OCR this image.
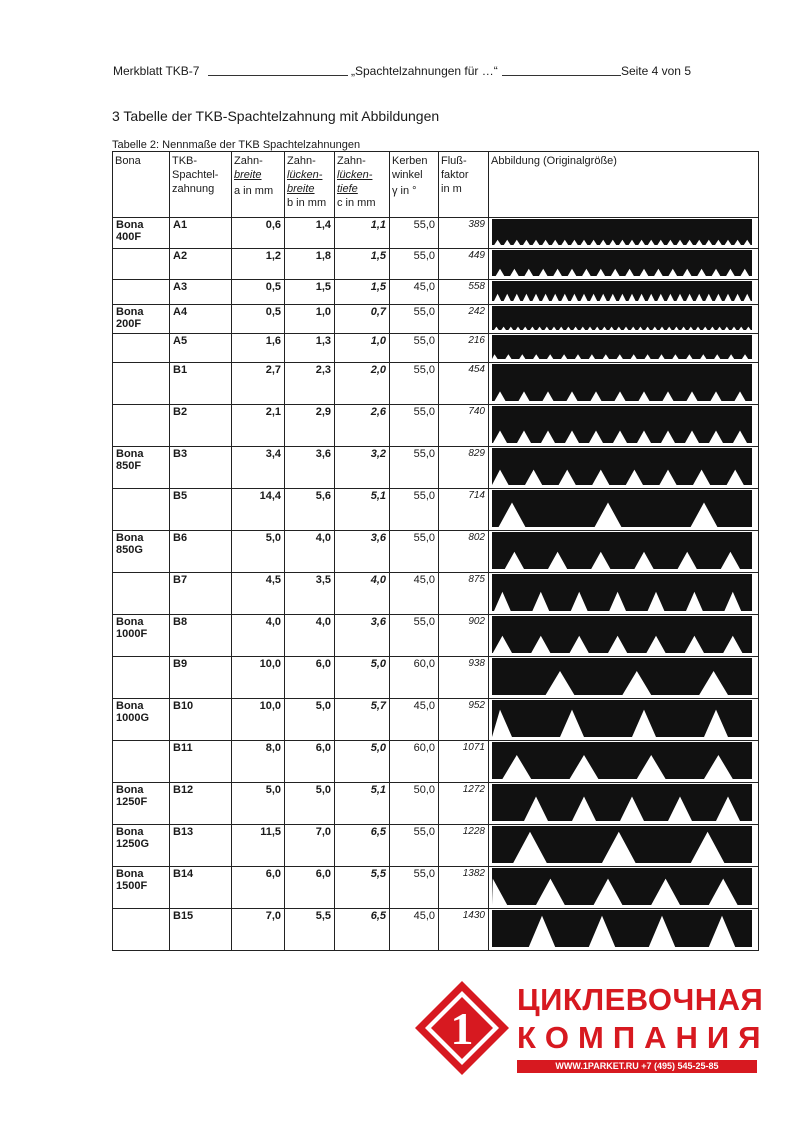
Merkblatt TKB-7	„Spachtelzahnungen für …“	Seite 4 von 5
3 Tabelle der TKB-Spachtelzahnung mit Abbildungen
Tabelle 2: Nennmaße der TKB Spachtelzahnungen
Bona	TKB-
Spachtel-
zahnung	Zahn-
breite

a in mm	Zahn-
lücken-
breite
b in mm	Zahn-
lücken-
tiefe
c in mm	Kerben
winkel

γ in °	Fluß-
faktor
in m	Abbildung (Originalgröße)
Bona
400F	A1	0,6	1,4	1,1	55,0	389	

	A2	1,2	1,8	1,5	55,0	449	

	A3	0,5	1,5	1,5	45,0	558	

Bona
200F	A4	0,5	1,0	0,7	55,0	242	

	A5	1,6	1,3	1,0	55,0	216	

	B1	2,7	2,3	2,0	55,0	454	

	B2	2,1	2,9	2,6	55,0	740	

Bona
850F	B3	3,4	3,6	3,2	55,0	829	

	B5	14,4	5,6	5,1	55,0	714	

Bona
850G	B6	5,0	4,0	3,6	55,0	802	

	B7	4,5	3,5	4,0	45,0	875	

Bona
1000F	B8	4,0	4,0	3,6	55,0	902	

	B9	10,0	6,0	5,0	60,0	938	

Bona
1000G	B10	10,0	5,0	5,7	45,0	952	

	B11	8,0	6,0	5,0	60,0	1071	

Bona
1250F	B12	5,0	5,0	5,1	50,0	1272	

Bona
1250G	B13	11,5	7,0	6,5	55,0	1228	

Bona
1500F	B14	6,0	6,0	5,5	55,0	1382	

	B15	7,0	5,5	6,5	45,0	1430	
1
ЦИКЛЕВОЧНАЯ
КОМПАНИЯ
WWW.1PARKET.RU +7 (495) 545-25-85
